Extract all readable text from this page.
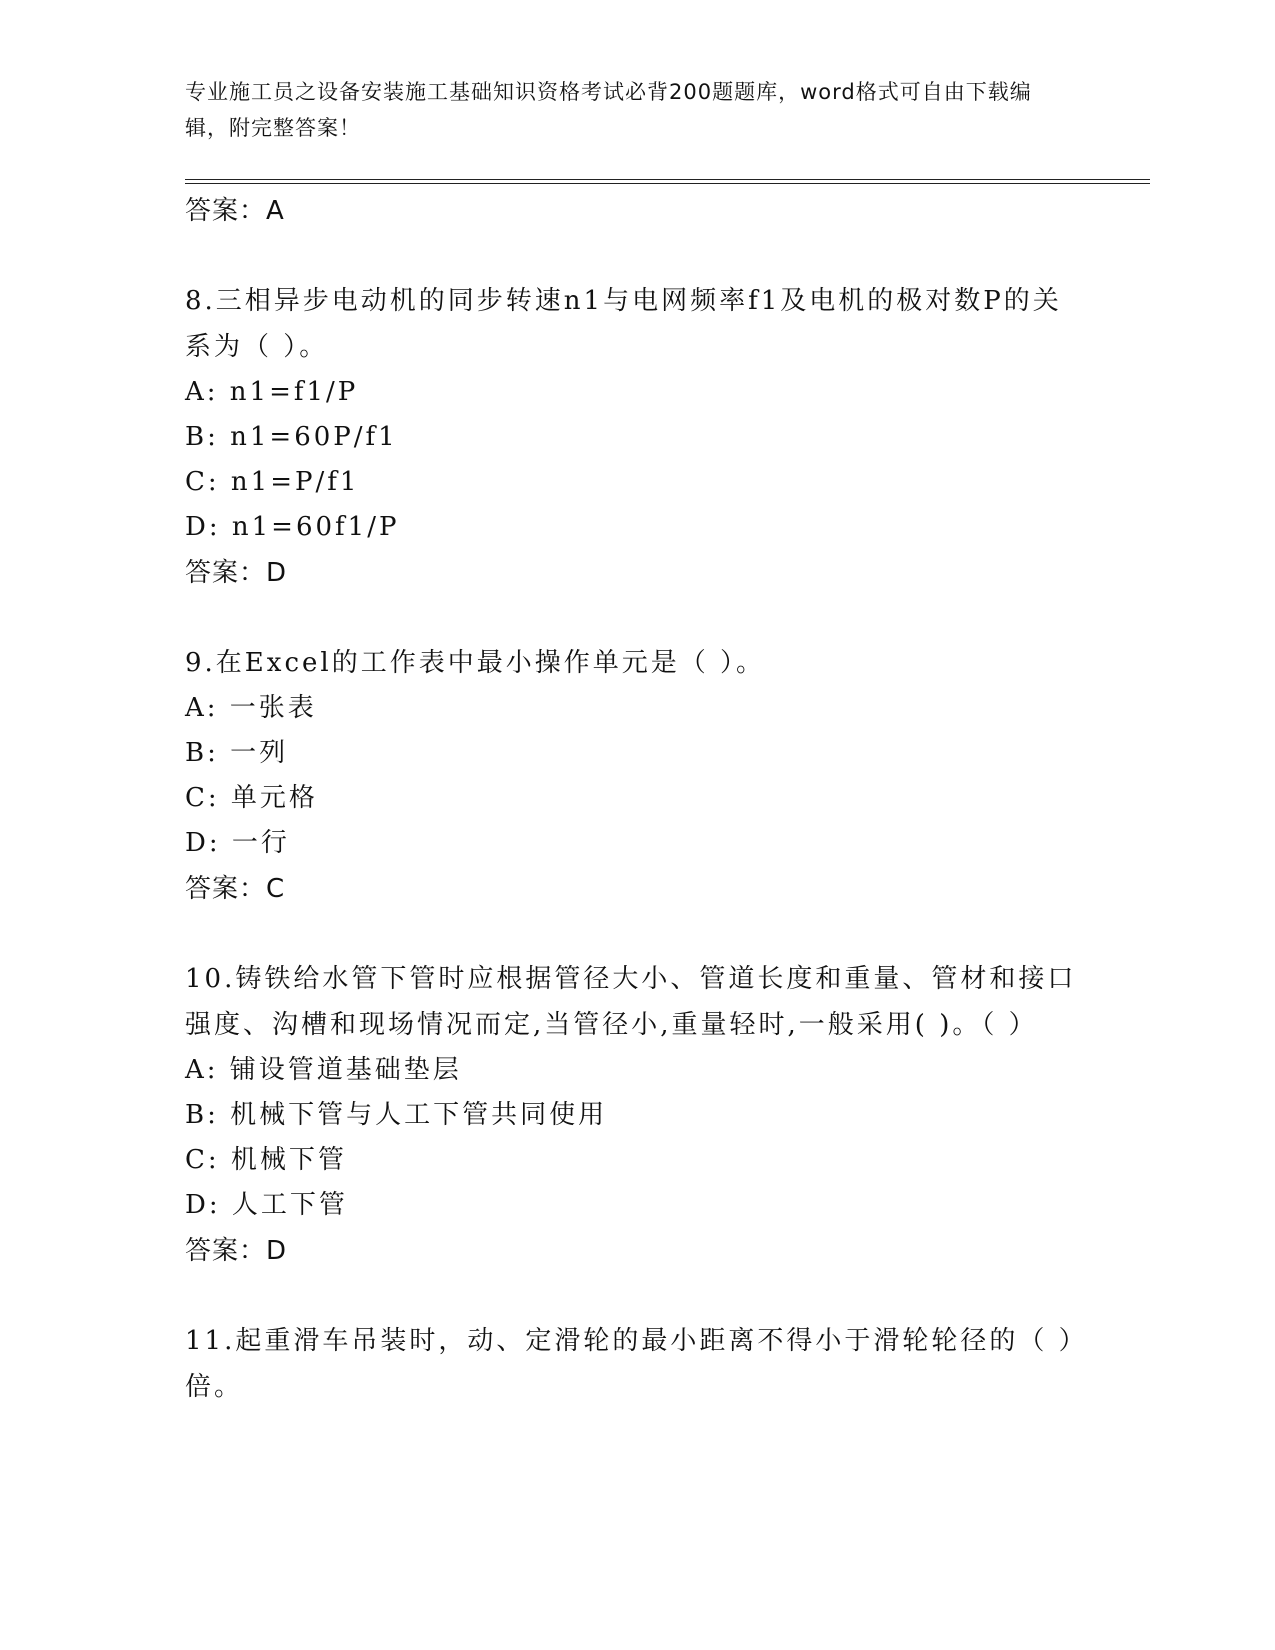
专业施工员之设备安装施工基础知识资格考试必背200题题库，word格式可自由下载编辑，附完整答案！
答案：A

8.三相异步电动机的同步转速n1与电网频率f1及电机的极对数P的关系为（ ）。

A: n1=f1/P
B: n1=60P/f1
C: n1=P/f1
D: n1=60f1/P
答案：D

9.在Excel的工作表中最小操作单元是（ ）。

A: 一张表
B: 一列
C: 单元格
D: 一行
答案：C

10.铸铁给水管下管时应根据管径大小、管道长度和重量、管材和接口强度、沟槽和现场情况而定,当管径小,重量轻时,一般采用( )。（ ）

A: 铺设管道基础垫层
B: 机械下管与人工下管共同使用
C: 机械下管
D: 人工下管
答案：D

11.起重滑车吊装时，动、定滑轮的最小距离不得小于滑轮轮径的（ ）倍。
